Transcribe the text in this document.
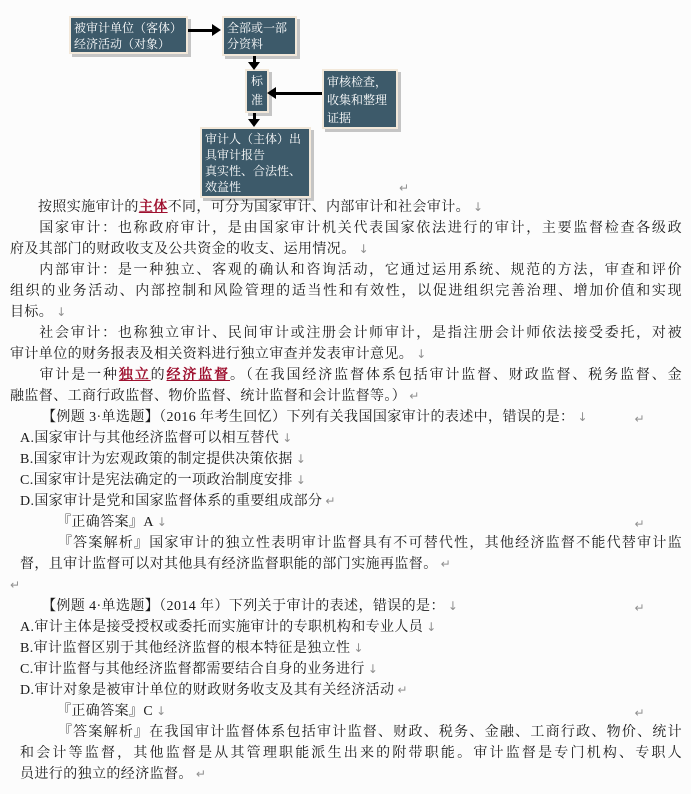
被审计单位（客体）
经济活动（对象）
全部或一部
分资料
标
准
审核检查，
收集和整理
证据
审计人（主体）出
具审计报告
真实性、合法性、
效益性	↵
按照实施审计的主体不同，可分为国家审计、内部审计和社会审计。 ↓
国家审计：也称政府审计，是由国家审计机关代表国家依法进行的审计，主要监督检查各级政
府及其部门的财政收支及公共资金的收支、运用情况。 ↓
内部审计：是一种独立、客观的确认和咨询活动，它通过运用系统、规范的方法，审查和评价
组织的业务活动、内部控制和风险管理的适当性和有效性，以促进组织完善治理、增加价值和实现
目标。 ↓
社会审计：也称独立审计、民间审计或注册会计师审计，是指注册会计师依法接受委托，对被
审计单位的财务报表及相关资料进行独立审查并发表审计意见。 ↓
审计是一种独立的经济监督。（在我国经济监督体系包括审计监督、财政监督、税务监督、金
融监督、工商行政监督、物价监督、统计监督和会计监督等。） ↵
↵
【例题 3·单选题】（2016 年考生回忆）下列有关我国国家审计的表述中，错误的是： ↓
A.国家审计与其他经济监督可以相互替代 ↓
B.国家审计为宏观政策的制定提供决策依据 ↓
C.国家审计是宪法确定的一项政治制度安排 ↓
D.国家审计是党和国家监督体系的重要组成部分 ↵
↵
『正确答案』A ↓
『答案解析』国家审计的独立性表明审计监督具有不可替代性，其他经济监督不能代替审计监
督，且审计监督可以对其他具有经济监督职能的部门实施再监督。 ↵
↵
↵
【例题 4·单选题】（2014 年）下列关于审计的表述，错误的是： ↓
A.审计主体是接受授权或委托而实施审计的专职机构和专业人员 ↓
B.审计监督区别于其他经济监督的根本特征是独立性 ↓
C.审计监督与其他经济监督都需要结合自身的业务进行 ↓
D.审计对象是被审计单位的财政财务收支及其有关经济活动 ↵
↵
『正确答案』C ↓
『答案解析』在我国审计监督体系包括审计监督、财政、税务、金融、工商行政、物价、统计
和会计等监督，其他监督是从其管理职能派生出来的附带职能。审计监督是专门机构、专职人
员进行的独立的经济监督。 ↵
